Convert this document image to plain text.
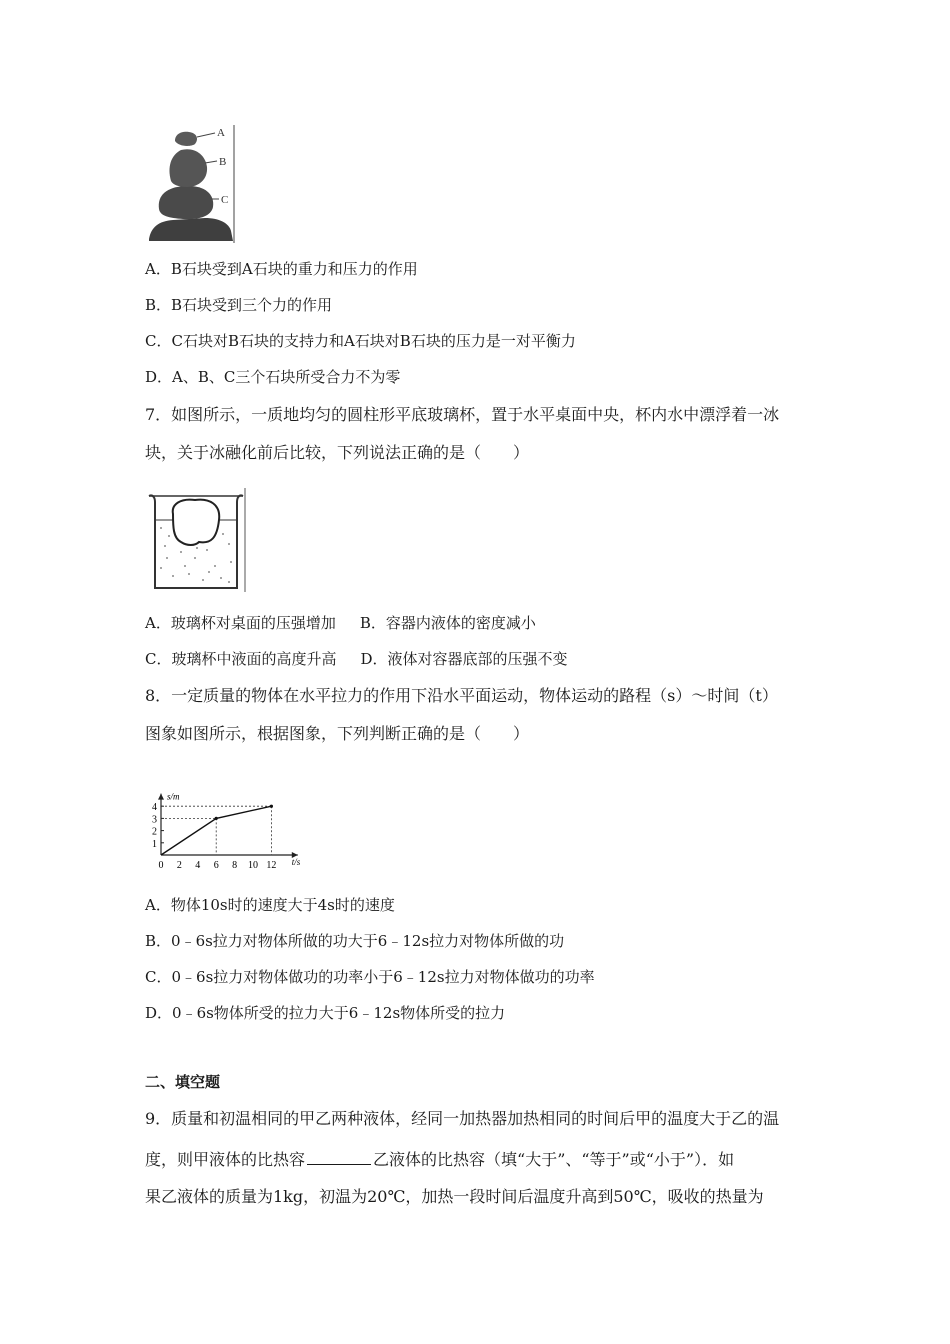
A
B
C
A．B石块受到A石块的重力和压力的作用
B．B石块受到三个力的作用
C．C石块对B石块的支持力和A石块对B石块的压力是一对平衡力
D．A、B、C三个石块所受合力不为零
7．如图所示，一质地均匀的圆柱形平底玻璃杯，置于水平桌面中央，杯内水中漂浮着一冰
块，关于冰融化前后比较，下列说法正确的是（　　）
A．玻璃杯对桌面的压强增加 B．容器内液体的密度减小
C．玻璃杯中液面的高度升高 D．液体对容器底部的压强不变
8．一定质量的物体在水平拉力的作用下沿水平面运动，物体运动的路程（s）～时间（t）
图象如图所示，根据图象，下列判断正确的是（　　）
s/m
t/s
0 2 4 6 8 10 12
1
2
3
4
A．物体10s时的速度大于4s时的速度
B．0﹣6s拉力对物体所做的功大于6﹣12s拉力对物体所做的功
C．0﹣6s拉力对物体做功的功率小于6﹣12s拉力对物体做功的功率
D．0﹣6s物体所受的拉力大于6﹣12s物体所受的拉力
二、填空题
9．质量和初温相同的甲乙两种液体，经同一加热器加热相同的时间后甲的温度大于乙的温
度，则甲液体的比热容	乙液体的比热容（填“大于”、“等于”或“小于”）．如
果乙液体的质量为1kg，初温为20℃，加热一段时间后温度升高到50℃，吸收的热量为
